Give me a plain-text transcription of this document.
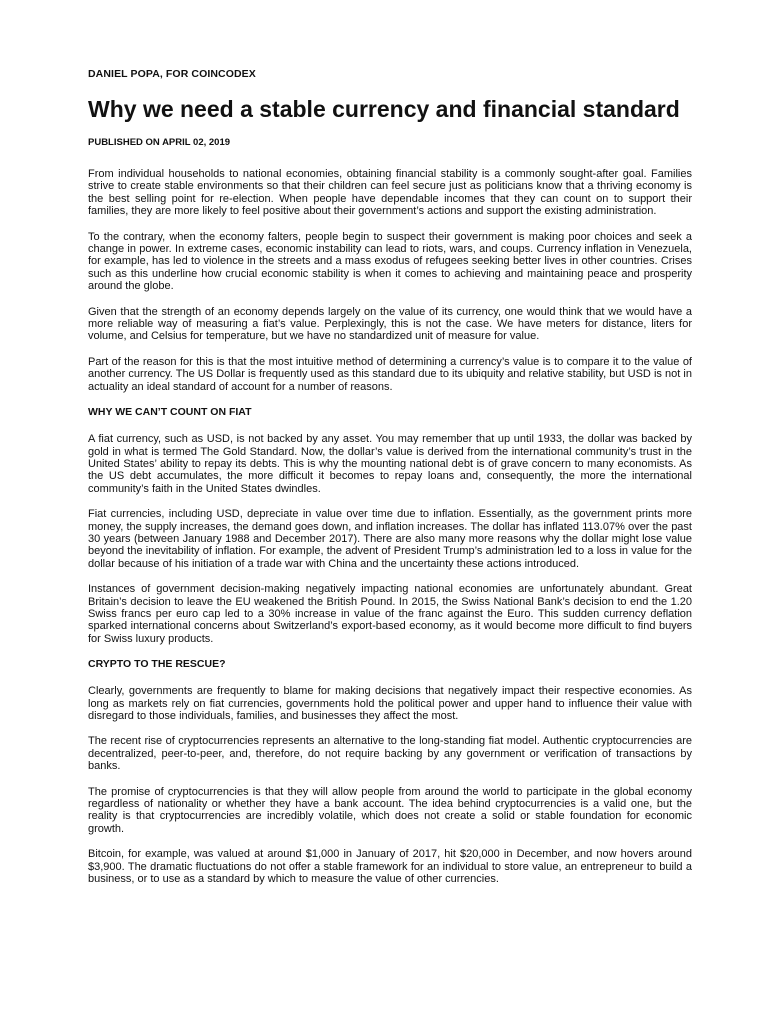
DANIEL POPA, FOR COINCODEX
Why we need a stable currency and financial standard
PUBLISHED ON APRIL 02, 2019

From individual households to national economies, obtaining financial stability is a commonly sought-after goal. Families strive to create stable environments so that their children can feel secure just as politicians know that a thriving economy is the best selling point for re-election. When people have dependable incomes that they can count on to support their families, they are more likely to feel positive about their government’s actions and support the existing administration.

To the contrary, when the economy falters, people begin to suspect their government is making poor choices and seek a change in power. In extreme cases, economic instability can lead to riots, wars, and coups. Currency inflation in Venezuela, for example, has led to violence in the streets and a mass exodus of refugees seeking better lives in other countries. Crises such as this underline how crucial economic stability is when it comes to achieving and maintaining peace and prosperity around the globe.

Given that the strength of an economy depends largely on the value of its currency, one would think that we would have a more reliable way of measuring a fiat’s value. Perplexingly, this is not the case. We have meters for distance, liters for volume, and Celsius for temperature, but we have no standardized unit of measure for value.

Part of the reason for this is that the most intuitive method of determining a currency’s value is to compare it to the value of another currency. The US Dollar is frequently used as this standard due to its ubiquity and relative stability, but USD is not in actuality an ideal standard of account for a number of reasons.

WHY WE CAN’T COUNT ON FIAT

A fiat currency, such as USD, is not backed by any asset. You may remember that up until 1933, the dollar was backed by gold in what is termed The Gold Standard. Now, the dollar’s value is derived from the international community’s trust in the United States’ ability to repay its debts. This is why the mounting national debt is of grave concern to many economists. As the US debt accumulates, the more difficult it becomes to repay loans and, consequently, the more the international community’s faith in the United States dwindles.

Fiat currencies, including USD, depreciate in value over time due to inflation. Essentially, as the government prints more money, the supply increases, the demand goes down, and inflation increases. The dollar has inflated 113.07% over the past 30 years (between January 1988 and December 2017). There are also many more reasons why the dollar might lose value beyond the inevitability of inflation. For example, the advent of President Trump’s administration led to a loss in value for the dollar because of his initiation of a trade war with China and the uncertainty these actions introduced.

Instances of government decision-making negatively impacting national economies are unfortunately abundant. Great Britain’s decision to leave the EU weakened the British Pound. In 2015, the Swiss National Bank’s decision to end the 1.20 Swiss francs per euro cap led to a 30% increase in value of the franc against the Euro. This sudden currency deflation sparked international concerns about Switzerland’s export-based economy, as it would become more difficult to find buyers for Swiss luxury products.

CRYPTO TO THE RESCUE?

Clearly, governments are frequently to blame for making decisions that negatively impact their respective economies. As long as markets rely on fiat currencies, governments hold the political power and upper hand to influence their value with disregard to those individuals, families, and businesses they affect the most.

The recent rise of cryptocurrencies represents an alternative to the long-standing fiat model. Authentic cryptocurrencies are decentralized, peer-to-peer, and, therefore, do not require backing by any government or verification of transactions by banks.

The promise of cryptocurrencies is that they will allow people from around the world to participate in the global economy regardless of nationality or whether they have a bank account. The idea behind cryptocurrencies is a valid one, but the reality is that cryptocurrencies are incredibly volatile, which does not create a solid or stable foundation for economic growth.

Bitcoin, for example, was valued at around $1,000 in January of 2017, hit $20,000 in December, and now hovers around $3,900. The dramatic fluctuations do not offer a stable framework for an individual to store value, an entrepreneur to build a business, or to use as a standard by which to measure the value of other currencies.
